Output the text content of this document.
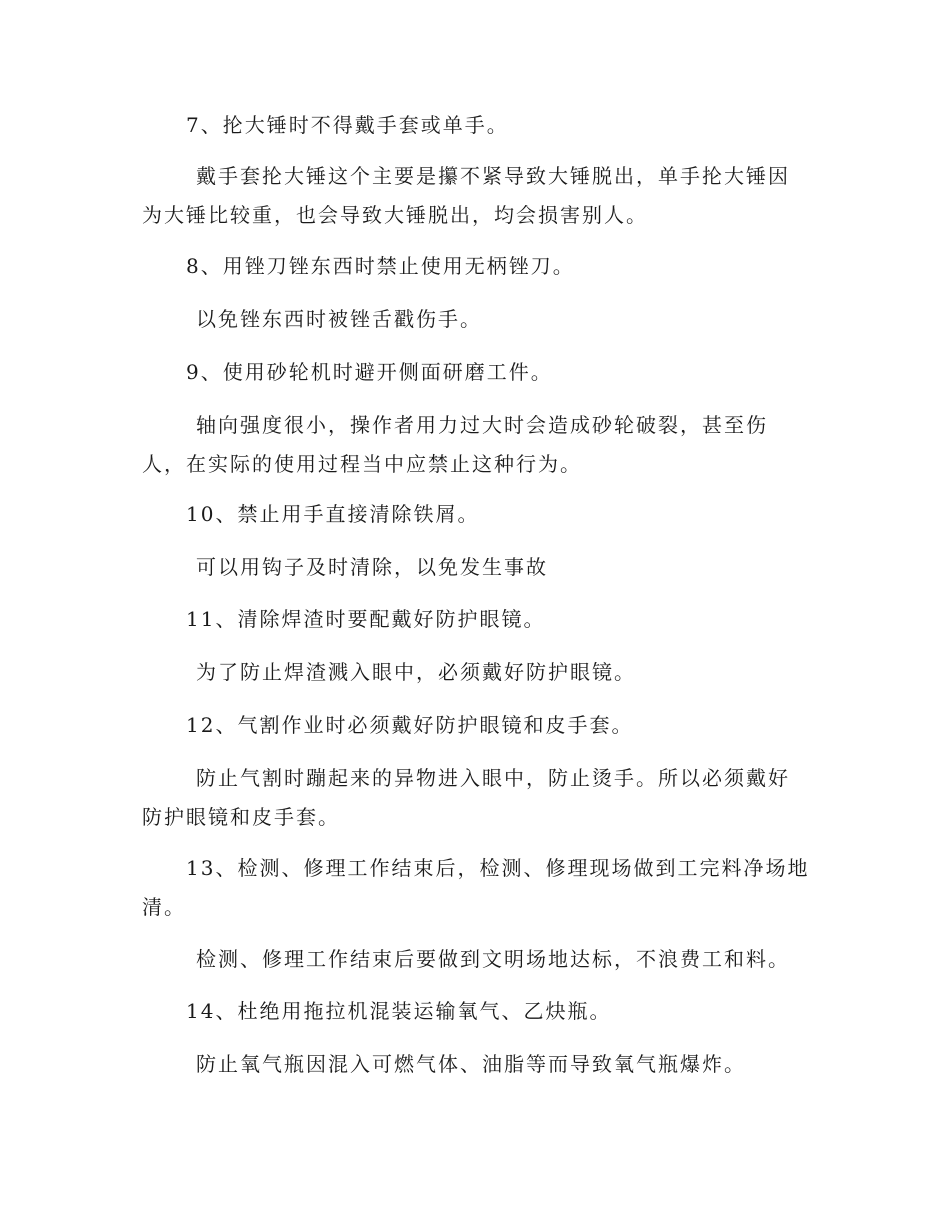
7、抡大锤时不得戴手套或单手。

戴手套抡大锤这个主要是攥不紧导致大锤脱出，单手抡大锤因为大锤比较重，也会导致大锤脱出，均会损害别人。

8、用锉刀锉东西时禁止使用无柄锉刀。

以免锉东西时被锉舌戳伤手。

9、使用砂轮机时避开侧面研磨工件。

轴向强度很小，操作者用力过大时会造成砂轮破裂，甚至伤人，在实际的使用过程当中应禁止这种行为。

10、禁止用手直接清除铁屑。

可以用钩子及时清除，以免发生事故

11、清除焊渣时要配戴好防护眼镜。

为了防止焊渣溅入眼中，必须戴好防护眼镜。

12、气割作业时必须戴好防护眼镜和皮手套。

防止气割时蹦起来的异物进入眼中，防止烫手。所以必须戴好防护眼镜和皮手套。

13、检测、修理工作结束后，检测、修理现场做到工完料净场地清。

检测、修理工作结束后要做到文明场地达标，不浪费工和料。

14、杜绝用拖拉机混装运输氧气、乙炔瓶。

防止氧气瓶因混入可燃气体、油脂等而导致氧气瓶爆炸。
